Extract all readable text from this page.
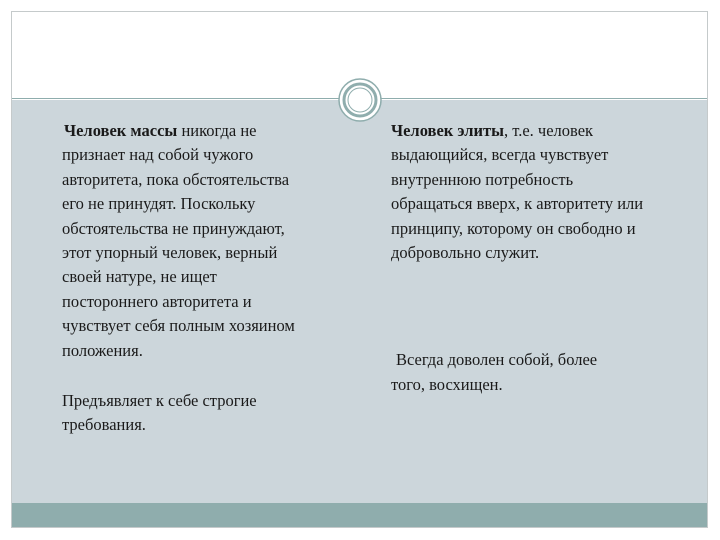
Человек массы никогда не
признает над собой чужого
авторитета, пока обстоятельства
его не принудят. Поскольку
обстоятельства не принуждают,
этот упорный человек, верный
своей натуре, не ищет
постороннего авторитета и
чувствует себя полным хозяином
положения.

Предъявляет к себе строгие
требования.

Человек элиты, т.е. человек
выдающийся, всегда чувствует
внутреннюю потребность
обращаться вверх, к авторитету или
принципу, которому он свободно и
добровольно служит.

Всегда доволен собой, более
того, восхищен.
